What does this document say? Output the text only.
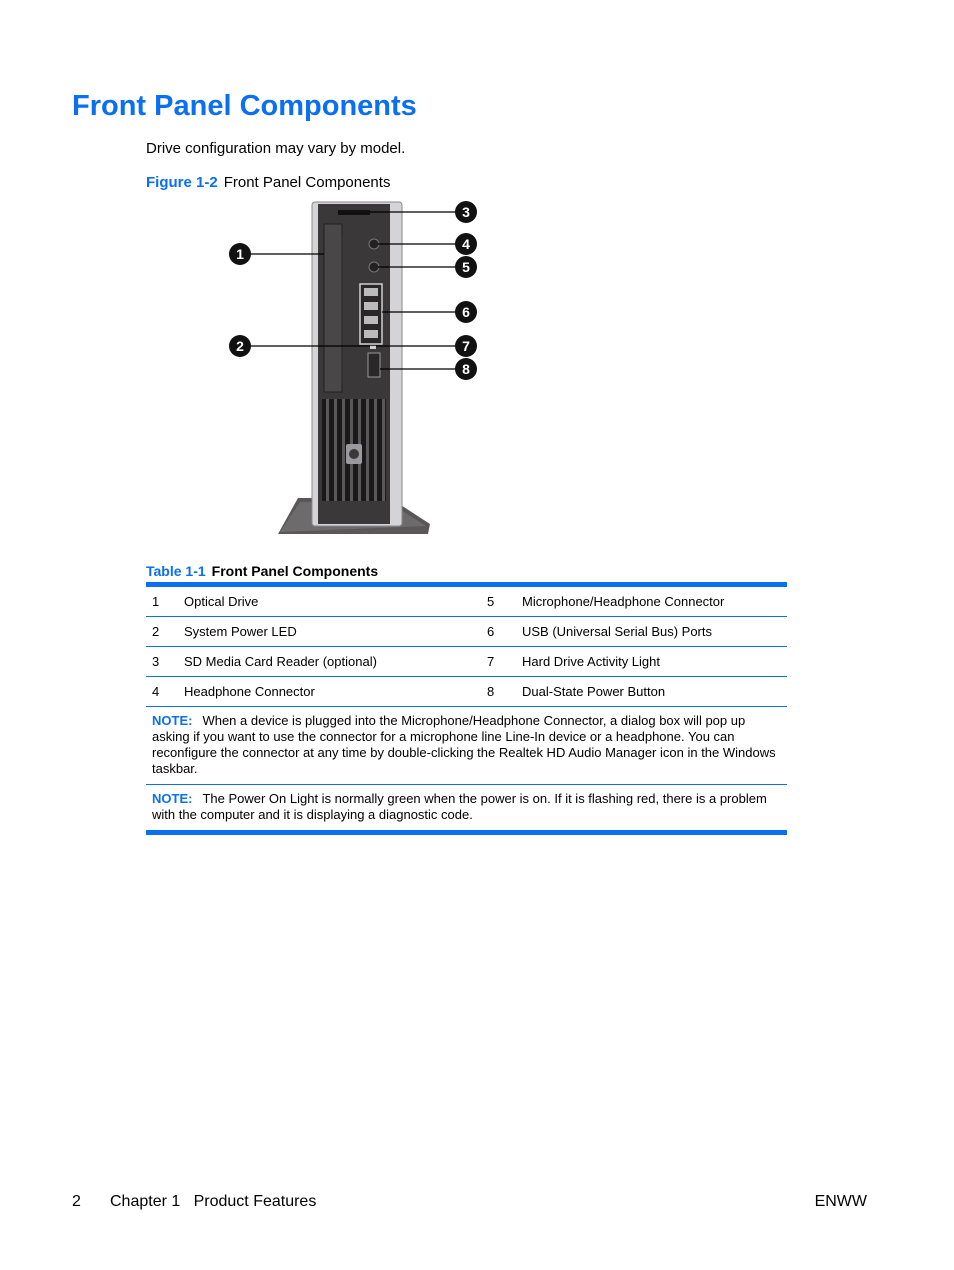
Front Panel Components
Drive configuration may vary by model.
Figure 1-2 Front Panel Components
1
2
3
4
5
6
7
8
Table 1-1 Front Panel Components
1	Optical Drive	5	Microphone/Headphone Connector
2	System Power LED	6	USB (Universal Serial Bus) Ports
3	SD Media Card Reader (optional)	7	Hard Drive Activity Light
4	Headphone Connector	8	Dual-State Power Button
NOTE: When a device is plugged into the Microphone/Headphone Connector, a dialog box will pop up asking if you want to use the connector for a microphone line Line-In device or a headphone. You can reconfigure the connector at any time by double-clicking the Realtek HD Audio Manager icon in the Windows taskbar.
NOTE: The Power On Light is normally green when the power is on. If it is flashing red, there is a problem with the computer and it is displaying a diagnostic code.
2 Chapter 1   Product Features	ENWW
